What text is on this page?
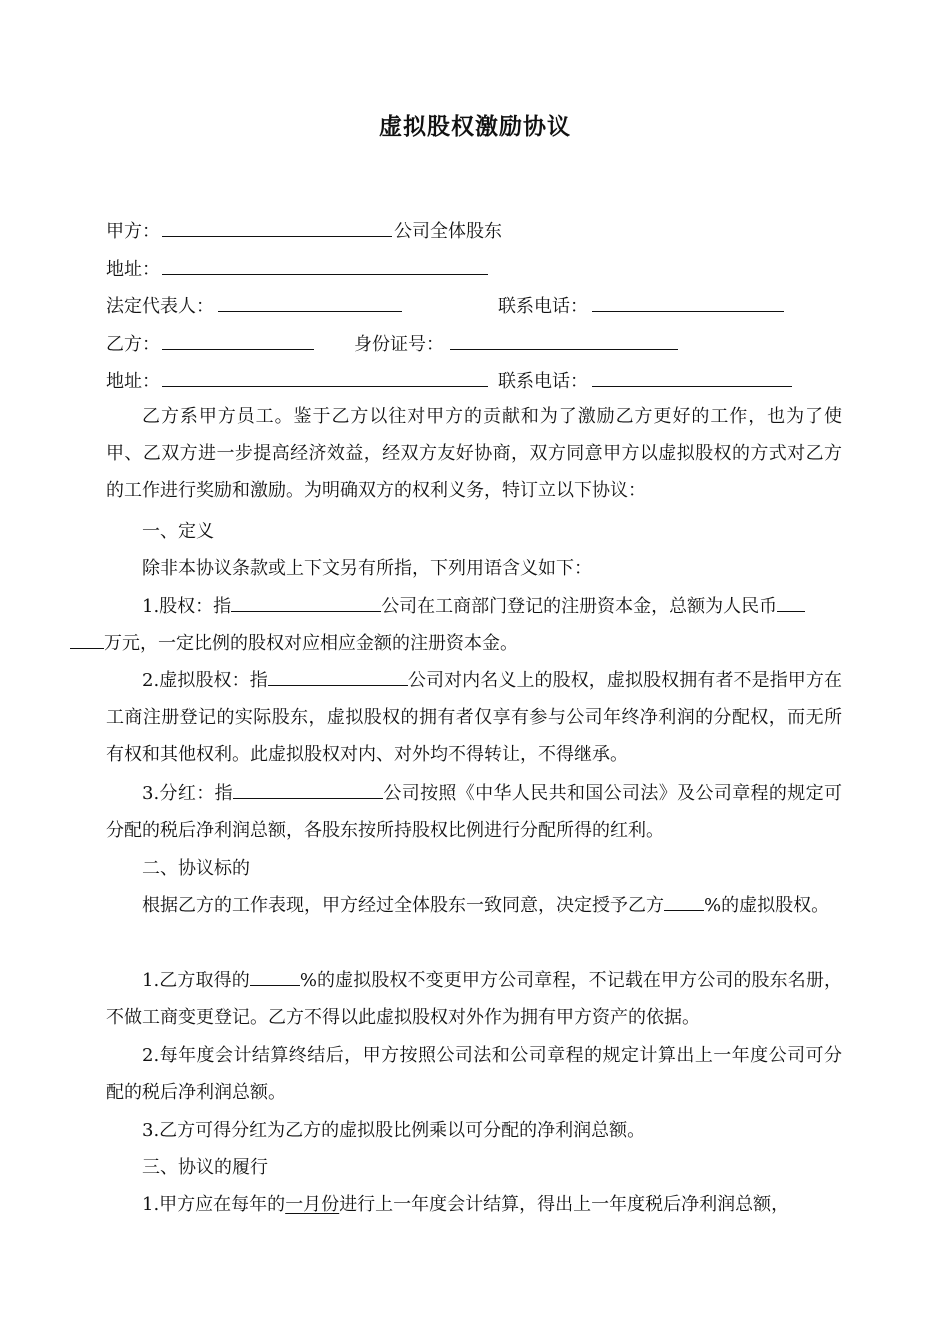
虚拟股权激励协议
甲方：	公司全体股东
地址：
法定代表人：	联系电话：
乙方：	身份证号：
地址：	联系电话：

乙方系甲方员工。鉴于乙方以往对甲方的贡献和为了激励乙方更好的工作，也为了使甲、乙双方进一步提高经济效益，经双方友好协商，双方同意甲方以虚拟股权的方式对乙方的工作进行奖励和激励。为明确双方的权利义务，特订立以下协议：

一、定义

除非本协议条款或上下文另有所指，下列用语含义如下：

1.股权：指	公司在工商部门登记的注册资本金，总额为人民币
万元，一定比例的股权对应相应金额的注册资本金。

2.虚拟股权：指	公司对内名义上的股权，虚拟股权拥有者不是指甲方在工商注册登记的实际股东，虚拟股权的拥有者仅享有参与公司年终净利润的分配权，而无所有权和其他权利。此虚拟股权对内、对外均不得转让，不得继承。

3.分红：指	公司按照《中华人民共和国公司法》及公司章程的规定可分配的税后净利润总额，各股东按所持股权比例进行分配所得的红利。

二、协议标的

根据乙方的工作表现，甲方经过全体股东一致同意，决定授予乙方 %的虚拟股权。

1.乙方取得的	%的虚拟股权不变更甲方公司章程，不记载在甲方公司的股东名册，不做工商变更登记。乙方不得以此虚拟股权对外作为拥有甲方资产的依据。

2.每年度会计结算终结后，甲方按照公司法和公司章程的规定计算出上一年度公司可分配的税后净利润总额。

3.乙方可得分红为乙方的虚拟股比例乘以可分配的净利润总额。

三、协议的履行

1.甲方应在每年的一月份进行上一年度会计结算，得出上一年度税后净利润总额，
